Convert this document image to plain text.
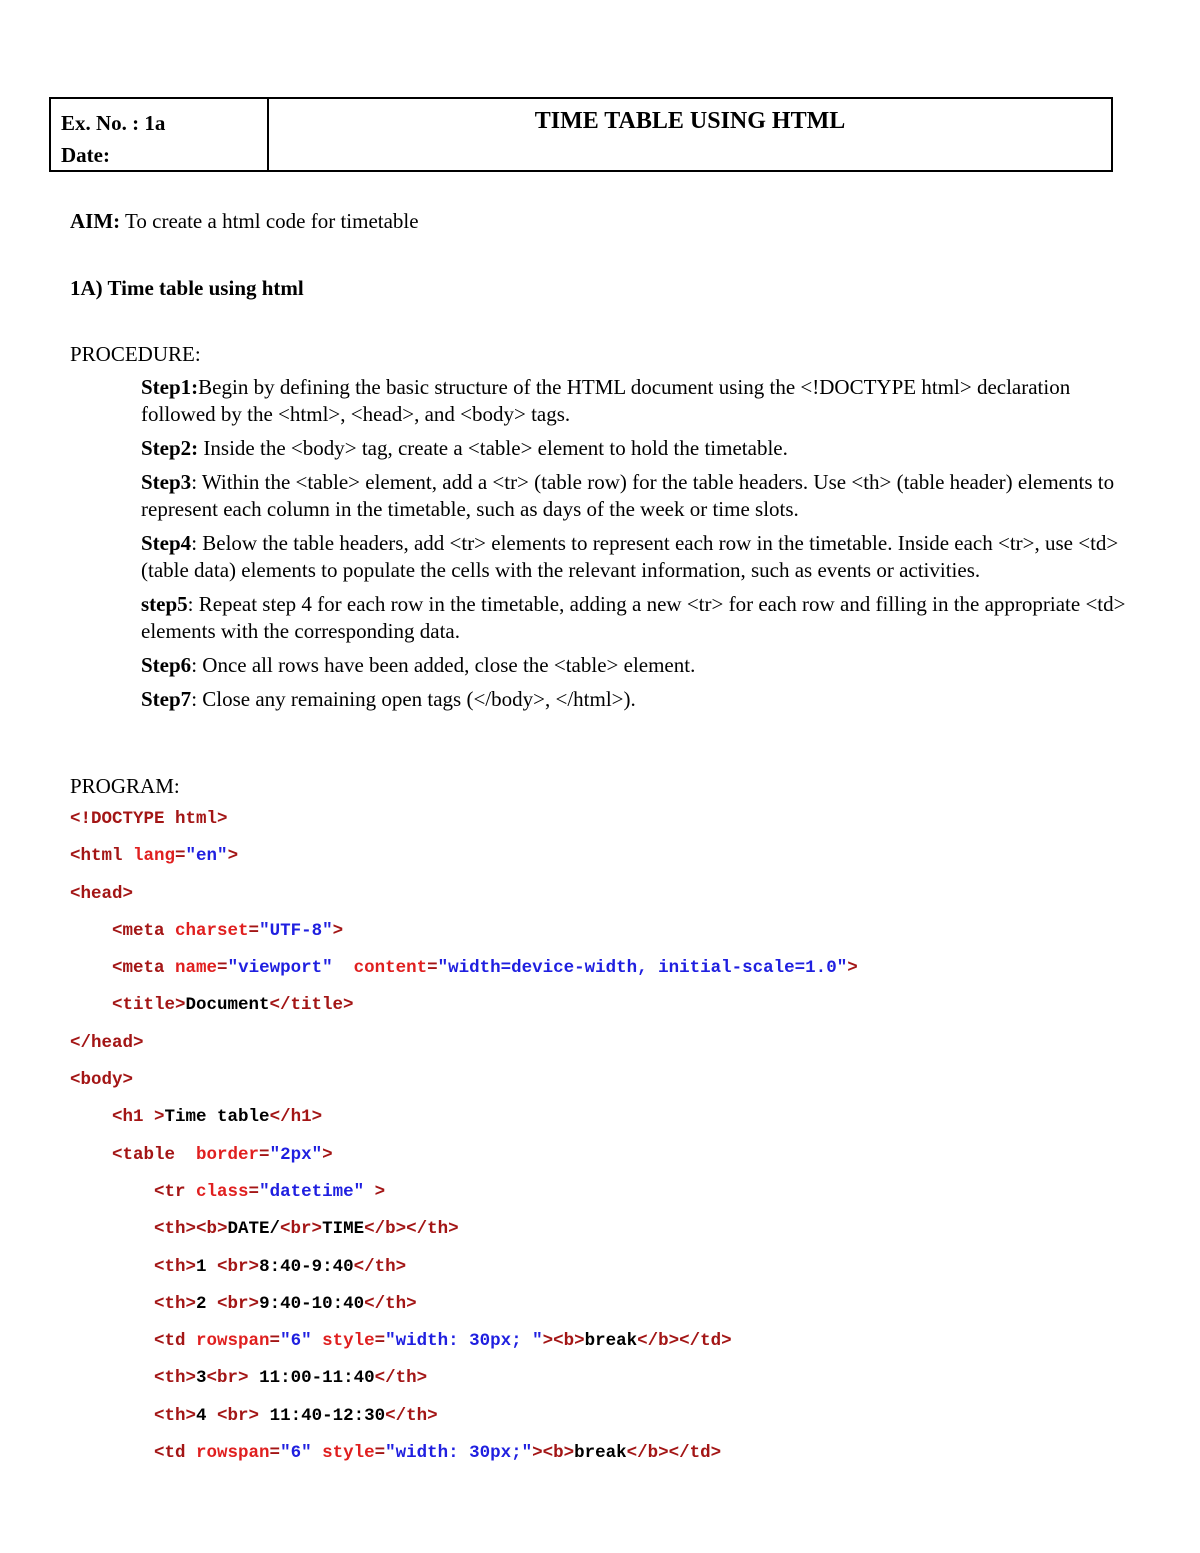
Ex. No. : 1a
Date:
TIME TABLE USING HTML
AIM: To create a html code for timetable
1A) Time table using html
PROCEDURE:
Step1:Begin by defining the basic structure of the HTML document using the <!DOCTYPE html> declaration followed by the <html>, <head>, and <body> tags.
Step2: Inside the <body> tag, create a <table> element to hold the timetable.
Step3: Within the <table> element, add a <tr> (table row) for the table headers. Use <th> (table header) elements to represent each column in the timetable, such as days of the week or time slots.
Step4: Below the table headers, add <tr> elements to represent each row in the timetable. Inside each <tr>, use <td> (table data) elements to populate the cells with the relevant information, such as events or activities.
step5: Repeat step 4 for each row in the timetable, adding a new <tr> for each row and filling in the appropriate <td> elements with the corresponding data.
Step6: Once all rows have been added, close the <table> element.
Step7: Close any remaining open tags (</body>, </html>).
PROGRAM:
<!DOCTYPE html>
<html lang="en">
<head>
<meta charset="UTF-8">
<meta name="viewport"  content="width=device-width, initial-scale=1.0">
<title>Document</title>
</head>
<body>
<h1 >Time table</h1>
<table  border="2px">
<tr class="datetime" >
<th><b>DATE/<br>TIME</b></th>
<th>1 <br>8:40-9:40</th>
<th>2 <br>9:40-10:40</th>
<td rowspan="6" style="width: 30px; "><b>break</b></td>
<th>3<br> 11:00-11:40</th>
<th>4 <br> 11:40-12:30</th>
<td rowspan="6" style="width: 30px;"><b>break</b></td>
